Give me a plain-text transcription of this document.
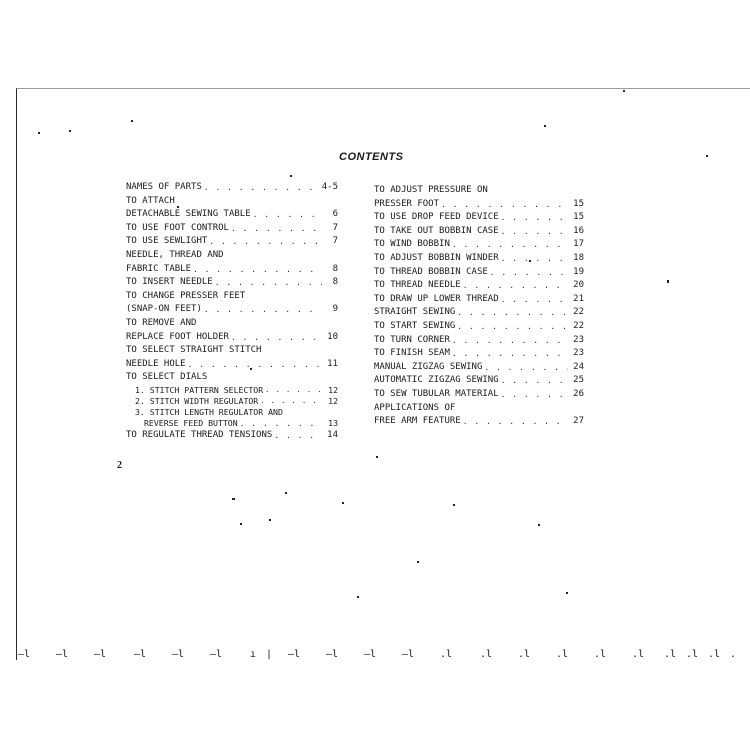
CONTENTS
NAMES OF PARTS . . .	4-5
TO ATTACH
DETACHABLE SEWING TABLE . . .	6
TO USE FOOT CONTROL . . .	7
TO USE SEWLIGHT . . .	7
NEEDLE, THREAD AND
FABRIC TABLE . . .	8
TO INSERT NEEDLE . . .	8
TO CHANGE PRESSER FEET
(SNAP-ON FEET) . . .	9
TO REMOVE AND
REPLACE FOOT HOLDER . . .	10
TO SELECT STRAIGHT STITCH
NEEDLE HOLE . . .	11
TO SELECT DIALS
1. STITCH PATTERN SELECTOR . . .	12
2. STITCH WIDTH REGULATOR . . .	12
3. STITCH LENGTH REGULATOR AND
REVERSE FEED BUTTON . . .	13
TO REGULATE THREAD TENSIONS . . .	14
TO ADJUST PRESSURE ON
PRESSER FOOT . . .	15
TO USE DROP FEED DEVICE . . .	15
TO TAKE OUT BOBBIN CASE . . .	16
TO WIND BOBBIN . . .	17
TO ADJUST BOBBIN WINDER . . .	18
TO THREAD BOBBIN CASE . . .	19
TO THREAD NEEDLE . . .	20
TO DRAW UP LOWER THREAD . . .	21
STRAIGHT SEWING . . .	22
TO START SEWING . . .	22
TO TURN CORNER . . .	23
TO FINISH SEAM . . .	23
MANUAL ZIGZAG SEWING . . .	24
AUTOMATIC ZIGZAG SEWING . . .	25
TO SEW TUBULAR MATERIAL . . .	26
APPLICATIONS OF
FREE ARM FEATURE . . .	27
2
—l	—l	—l	—l	—l	—l	ı | —l	—l	—l	—l	.l	.l	.l	.l	.l	.l .l .l .l .
